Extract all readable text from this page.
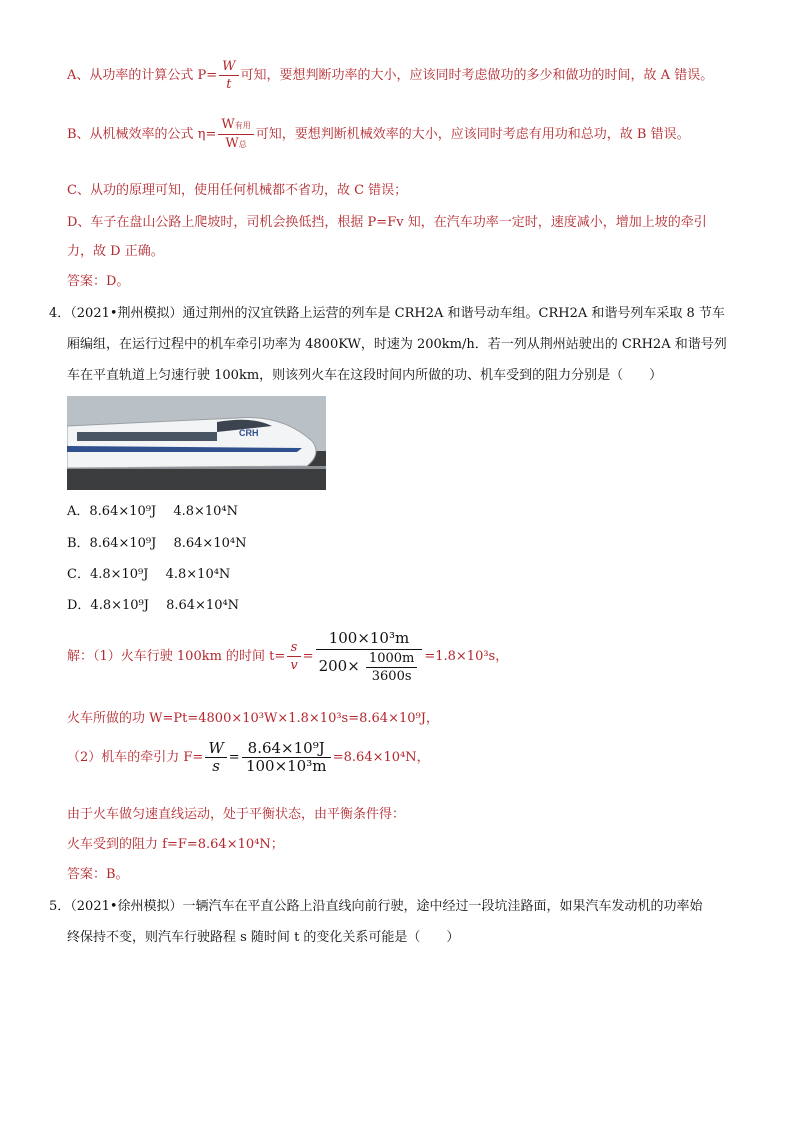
A、从功率的计算公式 $P= \frac{W}{t}$ 可知，要想判断功率的大小，应该同时考虑做功的多少和做功的时间，故 A 错误。
B、从机械效率的公式 $\eta= \frac{\text{W有用}}{\text{W总}}$ 可知，要想判断机械效率的大小，应该同时考虑有用功和总功，故 B 错误。
C、从功的原理可知，使用任何机械都不省功，故 C 错误；
D、车子在盘山公路上爬坡时，司机会换低挡，根据 P=Fv 知，在汽车功率一定时，速度减小，增加上坡的牵引
力，故 D 正确。
答案：D。
4．（2021•荆州模拟）通过荆州的汉宜铁路上运营的列车是 CRH2A 和谐号动车组。CRH2A 和谐号列车采取 8 节车
厢编组，在运行过程中的机车牵引功率为 4800KW，时速为 200km/h．若一列从荆州站驶出的 CRH2A 和谐号列
车在平直轨道上匀速行驶 100km，则该列火车在这段时间内所做的功、机车受到的阻力分别是（　　）
CRH
A．8.64×10⁹J　 4.8×10⁴N
B．8.64×10⁹J　 8.64×10⁴N
C．4.8×10⁹J　 4.8×10⁴N
D．4.8×10⁹J　 8.64×10⁴N
解：（1）火车行驶 100km 的时间 $t= \frac{s}{v} = \frac{\text{100×10³m}}{200\times \frac{1000m}{3600s}} =1.8\times 10^3s$，
火车所做的功 W=Pt=4800×10³W×1.8×10³s=8.64×10⁹J，
（2）机车的牵引力 $F= \frac{W}{s} = \frac{\text{8.64×10⁹J}}{\text{100×10³m}} =8.64\times 10^4N$，
由于火车做匀速直线运动，处于平衡状态，由平衡条件得：
火车受到的阻力 f=F=8.64×10⁴N；
答案：B。
5．（2021•徐州模拟）一辆汽车在平直公路上沿直线向前行驶，途中经过一段坑洼路面，如果汽车发动机的功率始
终保持不变，则汽车行驶路程 s 随时间 t 的变化关系可能是（　　）
